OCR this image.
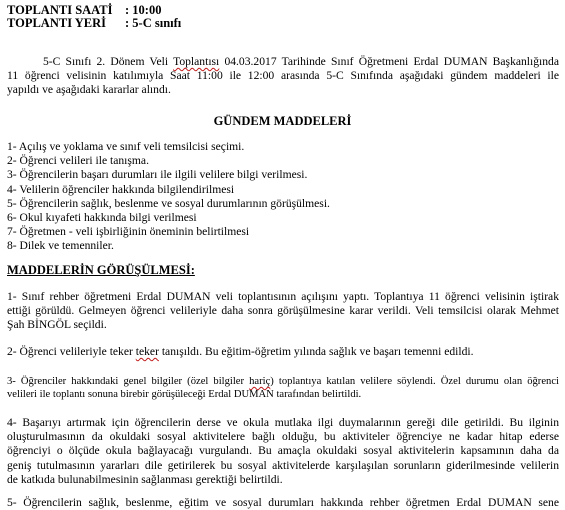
TOPLANTI SAATİ : 10:00
TOPLANTI YERİ : 5-C sınıfı
5-C Sınıfı 2. Dönem Veli Toplantısı 04.03.2017 Tarihinde Sınıf Öğretmeni Erdal DUMAN Başkanlığında
11 öğrenci velisinin katılımıyla Saat 11:00 ile 12:00 arasında 5-C Sınıfında aşağıdaki gündem maddeleri ile
yapıldı ve aşağıdaki kararlar alındı.
GÜNDEM MADDELERİ
1- Açılış ve yoklama ve sınıf veli temsilcisi seçimi.
2- Öğrenci velileri ile tanışma.
3- Öğrencilerin başarı durumları ile ilgili velilere bilgi verilmesi.
4- Velilerin öğrenciler hakkında bilgilendirilmesi
5- Öğrencilerin sağlık, beslenme ve sosyal durumlarının görüşülmesi.
6- Okul kıyafeti hakkında bilgi verilmesi
7- Öğretmen - veli işbirliğinin öneminin belirtilmesi
8- Dilek ve temenniler.
MADDELERİN GÖRÜŞÜLMESİ:
1- Sınıf rehber öğretmeni Erdal DUMAN veli toplantısının açılışını yaptı. Toplantıya 11 öğrenci velisinin iştirak
ettiği görüldü. Gelmeyen öğrenci velileriyle daha sonra görüşülmesine karar verildi. Veli temsilcisi olarak Mehmet
Şah BİNGÖL seçildi.
2- Öğrenci velileriyle teker teker tanışıldı. Bu eğitim-öğretim yılında sağlık ve başarı temenni edildi.
3- Öğrenciler hakkındaki genel bilgiler (özel bilgiler hariç) toplantıya katılan velilere söylendi. Özel durumu olan öğrenci
velileri ile toplantı sonuna birebir görüşüleceği Erdal DUMAN tarafından belirtildi.
4- Başarıyı artırmak için öğrencilerin derse ve okula mutlaka ilgi duymalarının gereği dile getirildi. Bu ilginin
oluşturulmasının da okuldaki sosyal aktivitelere bağlı olduğu, bu aktiviteler öğrenciye ne kadar hitap ederse
öğrenciyi o ölçüde okula bağlayacağı vurgulandı. Bu amaçla okuldaki sosyal aktivitelerin kapsamının daha da
geniş tutulmasının yararları dile getirilerek bu sosyal aktivitelerde karşılaşılan sorunların giderilmesinde velilerin
de katkıda bulunabilmesinin sağlanması gerektiği belirtildi.
5- Öğrencilerin sağlık, beslenme, eğitim ve sosyal durumları hakkında rehber öğretmen Erdal DUMAN sene
